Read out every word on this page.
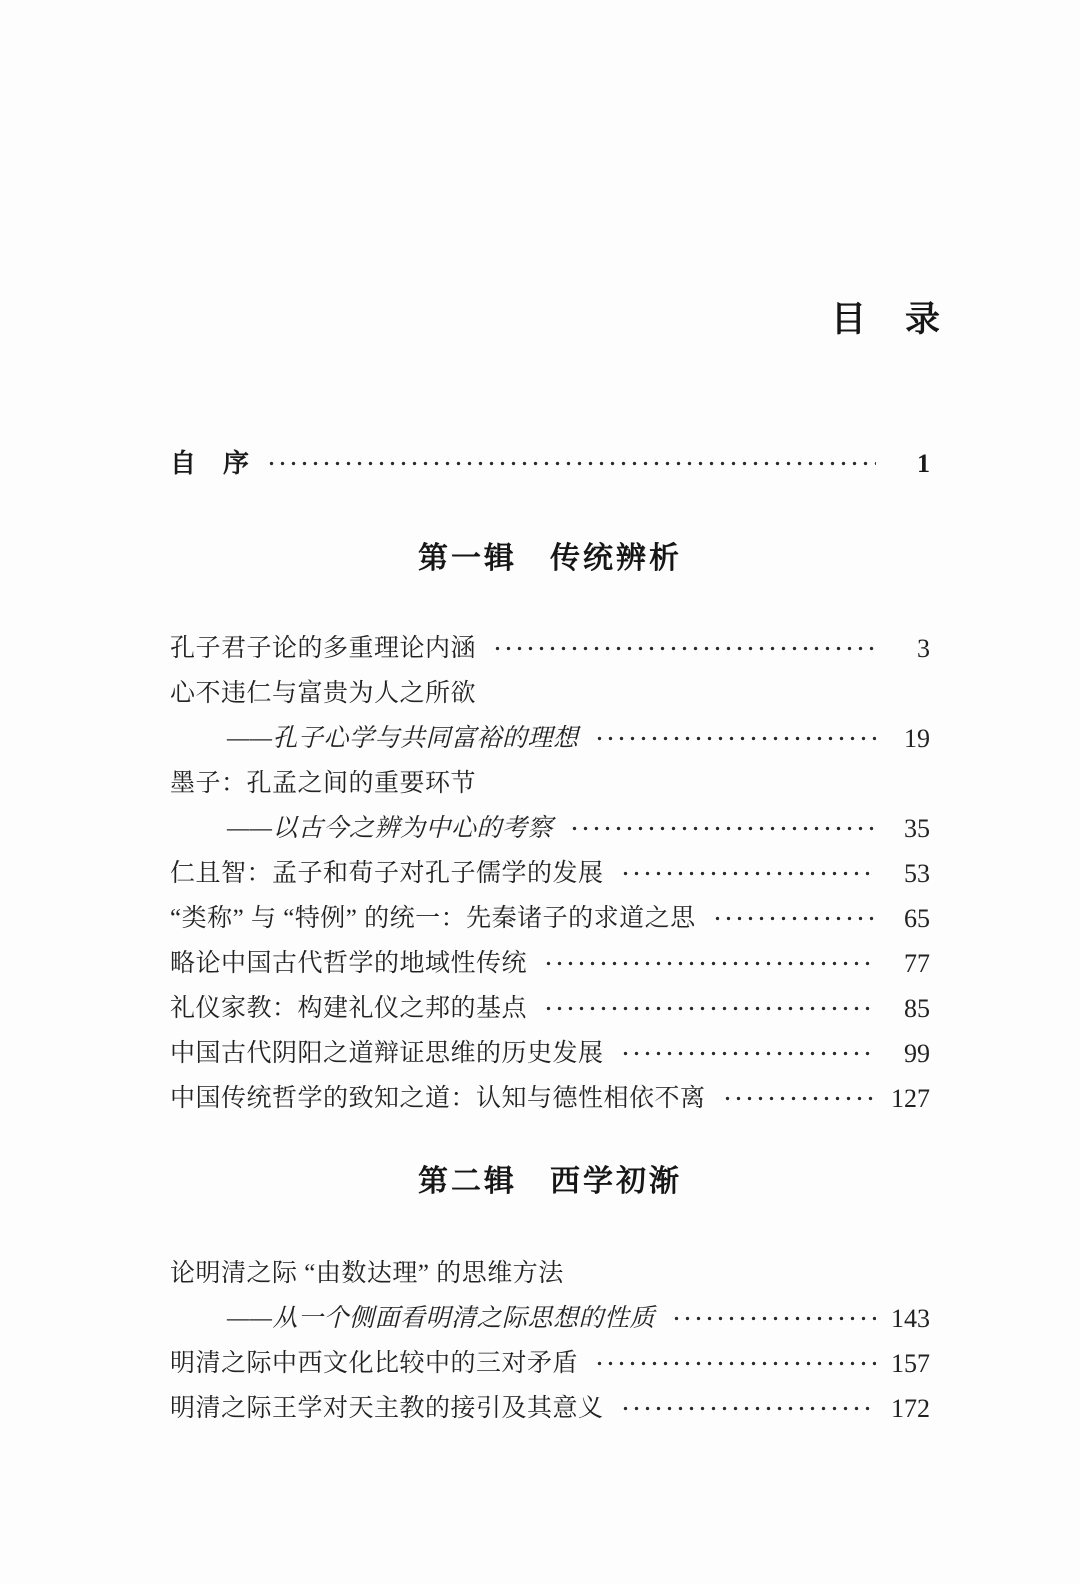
目　录
自　序	1
第一辑　传统辨析
孔子君子论的多重理论内涵	3
心不违仁与富贵为人之所欲
——孔子心学与共同富裕的理想	19
墨子：孔孟之间的重要环节
——以古今之辨为中心的考察	35
仁且智：孟子和荀子对孔子儒学的发展	53
“类称” 与 “特例” 的统一：先秦诸子的求道之思	65
略论中国古代哲学的地域性传统	77
礼仪家教：构建礼仪之邦的基点	85
中国古代阴阳之道辩证思维的历史发展	99
中国传统哲学的致知之道：认知与德性相依不离	127
第二辑　西学初渐
论明清之际 “由数达理” 的思维方法
——从一个侧面看明清之际思想的性质	143
明清之际中西文化比较中的三对矛盾	157
明清之际王学对天主教的接引及其意义	172
